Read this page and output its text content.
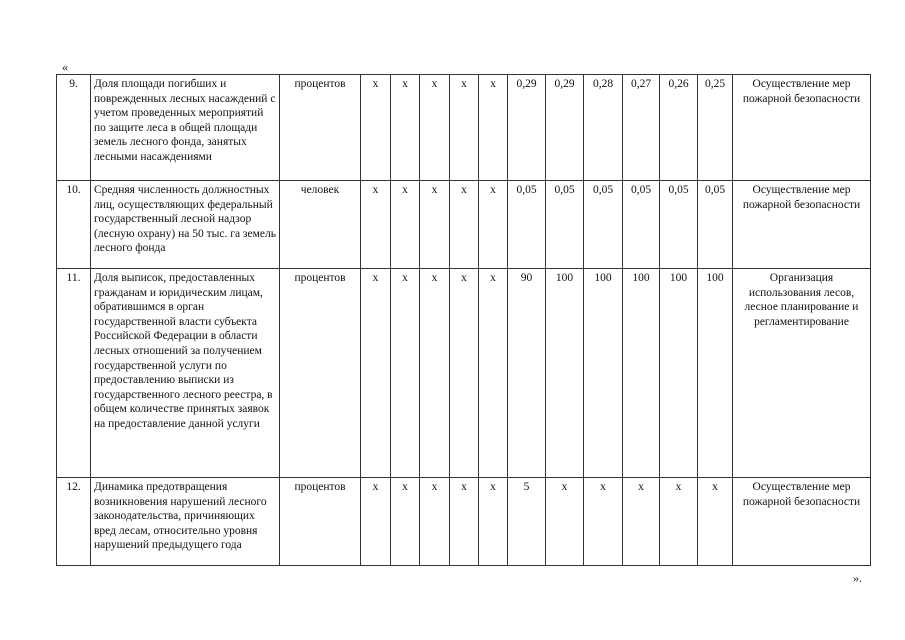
«
9.	Доля площади погибших и поврежденных лесных насаждений с учетом проведенных мероприятий по защите леса в общей площади земель лесного фонда, занятых лесными насаждениями	процентов	x	x	x	x	x	0,29	0,29	0,28	0,27	0,26	0,25	Осуществление мер пожарной безопасности
10.	Средняя численность должностных лиц, осуществляющих федеральный государственный лесной надзор (лесную охрану) на 50 тыс. га земель лесного фонда	человек	x	x	x	x	x	0,05	0,05	0,05	0,05	0,05	0,05	Осуществление мер пожарной безопасности
11.	Доля выписок, предоставленных гражданам и юридическим лицам, обратившимся в орган государственной власти субъекта Российской Федерации в области лесных отношений за получением государственной услуги по предоставлению выписки из государственного лесного реестра, в общем количестве принятых заявок на предоставление данной услуги	процентов	x	x	x	x	x	90	100	100	100	100	100	Организация использования лесов, лесное планирование и регламентирование
12.	Динамика предотвращения возникновения нарушений лесного законодательства, причиняющих вред лесам, относительно уровня нарушений предыдущего года	процентов	x	x	x	x	x	5	x	x	x	x	x	Осуществление мер пожарной безопасности
».
